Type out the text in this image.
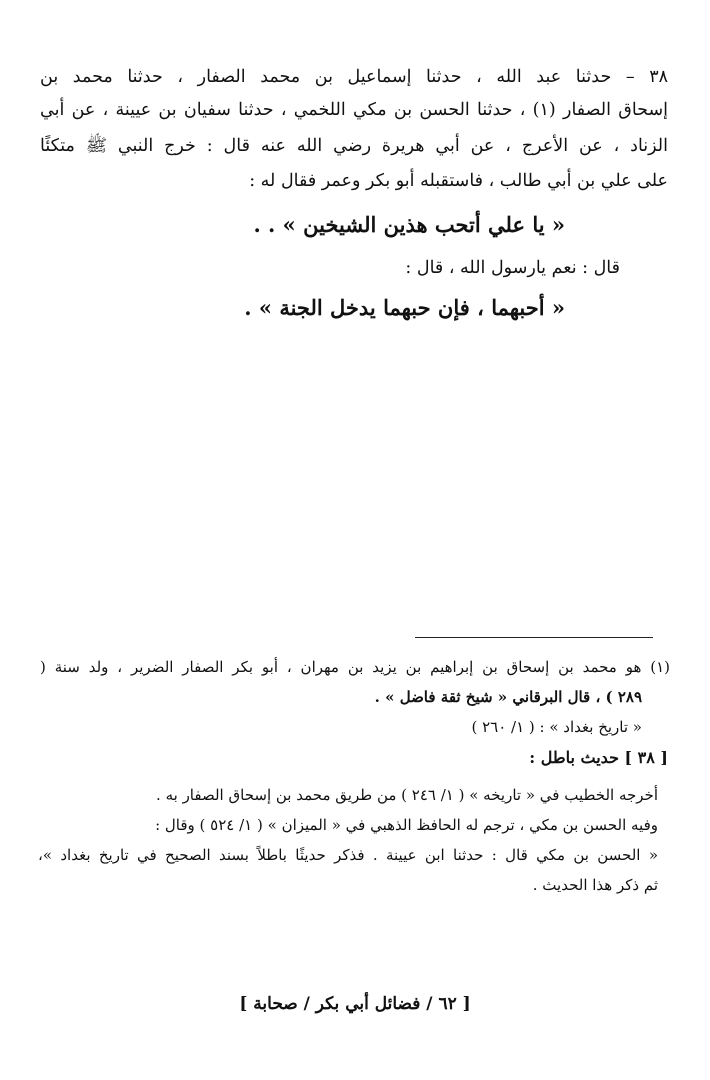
٣٨ – حدثنا عبد الله ، حدثنا إسماعيل بن محمد الصفار ، حدثنا محمد بن
إسحاق الصفار (١) ، حدثنا الحسن بن مكي اللخمي ، حدثنا سفيان بن عيينة ، عن أبي
الزناد ، عن الأعرج ، عن أبي هريرة رضي الله عنه قال : خرج النبي ﷺ متكئًا
على علي بن أبي طالب ، فاستقبله أبو بكر وعمر فقال له :
« يا علي أتحب هذين الشيخين » . .
قال : نعم يارسول الله ، قال :
« أحبهما ، فإن حبهما يدخل الجنة » .
(١) هو محمد بن إسحاق بن إبراهيم بن يزيد بن مهران ، أبو بكر الصفار الضرير ، ولد سنة (
٢٨٩ ) ، قال البرقاني « شيخ ثقة فاضل » .
« تاريخ بغداد » : ( ١/ ٢٦٠ )
[ ٣٨ ] حديث باطل :
أخرجه الخطيب في « تاريخه » ( ١/ ٢٤٦ ) من طريق محمد بن إسحاق الصفار به .
وفيه الحسن بن مكي ، ترجم له الحافظ الذهبي في « الميزان » ( ١/ ٥٢٤ ) وقال :
« الحسن بن مكي قال : حدثنا ابن عيينة . فذكر حديثًا باطلاً بسند الصحيح في تاريخ بغداد »،
ثم ذكر هذا الحديث .
[ ٦٢ / فضائل أبي بكر / صحابة ]
